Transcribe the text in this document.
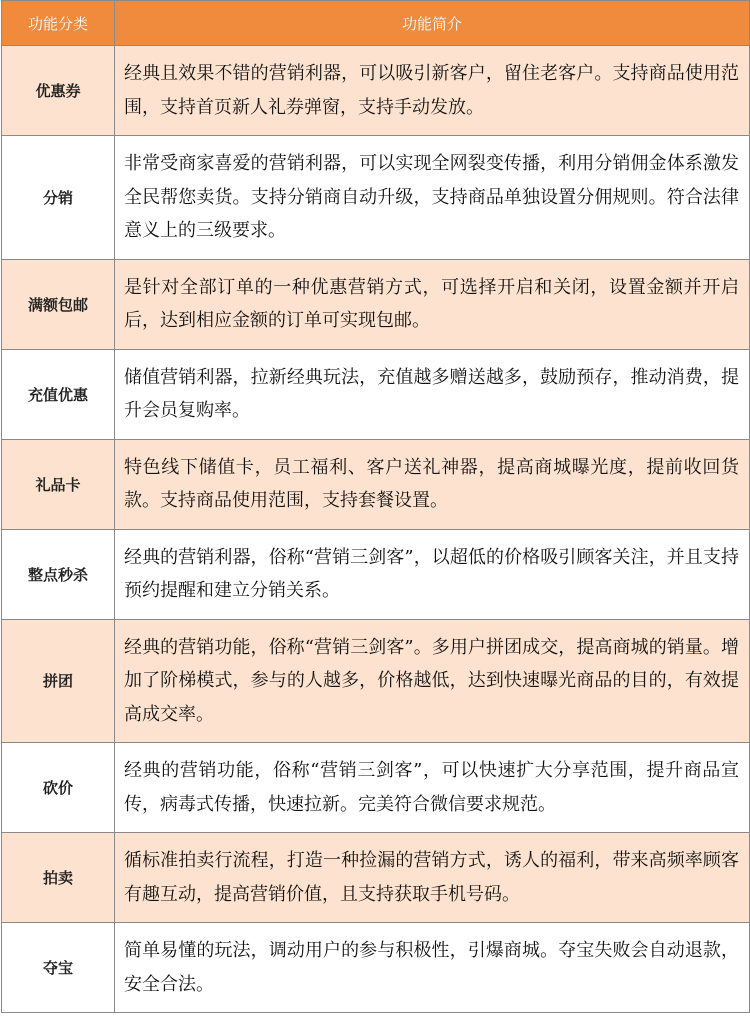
功能分类	功能简介
优惠券	经典且效果不错的营销利器，可以吸引新客户，留住老客户。支持商品使用范围，支持首页新人礼券弹窗，支持手动发放。
分销	非常受商家喜爱的营销利器，可以实现全网裂变传播，利用分销佣金体系激发全民帮您卖货。支持分销商自动升级，支持商品单独设置分佣规则。符合法律意义上的三级要求。
满额包邮	是针对全部订单的一种优惠营销方式，可选择开启和关闭，设置金额并开启后，达到相应金额的订单可实现包邮。
充值优惠	储值营销利器，拉新经典玩法，充值越多赠送越多，鼓励预存，推动消费，提升会员复购率。
礼品卡	特色线下储值卡，员工福利、客户送礼神器，提高商城曝光度，提前收回货款。支持商品使用范围，支持套餐设置。
整点秒杀	经典的营销利器，俗称“营销三剑客”，以超低的价格吸引顾客关注，并且支持预约提醒和建立分销关系。
拼团	经典的营销功能，俗称“营销三剑客”。多用户拼团成交，提高商城的销量。增加了阶梯模式，参与的人越多，价格越低，达到快速曝光商品的目的，有效提高成交率。
砍价	经典的营销功能，俗称“营销三剑客”，可以快速扩大分享范围，提升商品宣传，病毒式传播，快速拉新。完美符合微信要求规范。
拍卖	循标准拍卖行流程，打造一种捡漏的营销方式，诱人的福利，带来高频率顾客有趣互动，提高营销价值，且支持获取手机号码。
夺宝	简单易懂的玩法，调动用户的参与积极性，引爆商城。夺宝失败会自动退款，安全合法。
